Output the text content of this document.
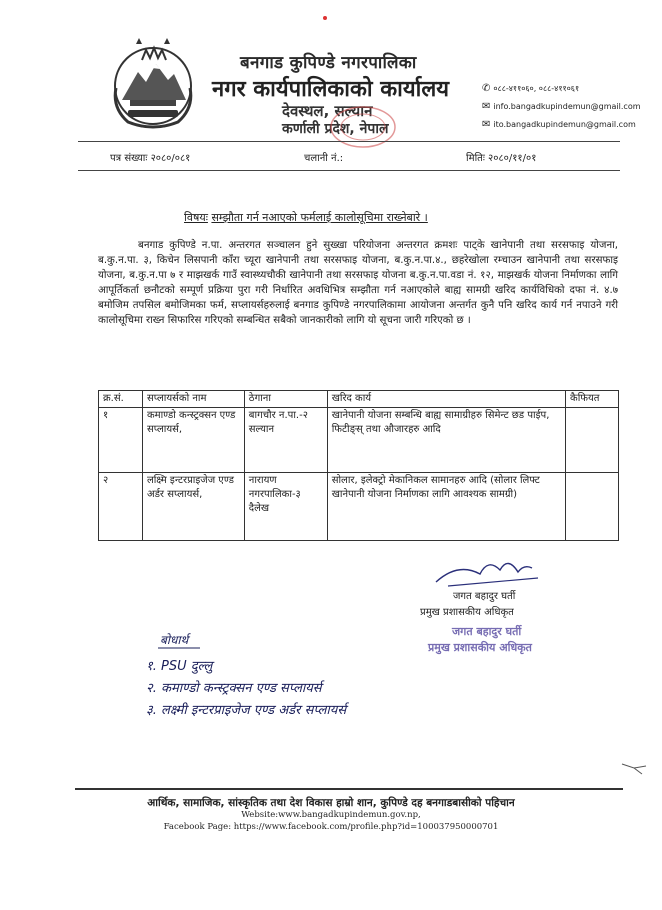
बनगाड कुपिण्डे नगरपालिका
नगर कार्यपालिकाको कार्यालय
देवस्थल, सल्यान
कर्णाली प्रदेश, नेपाल
✆ ०८८-४११०६०, ०८८-४११०६१
✉ info.bangadkupindemun@gmail.com
✉ ito.bangadkupindemun@gmail.com
पत्र संख्याः २०८०/०८१	चलानी नं.:	मितिः २०८०/११/०१
विषयः सम्झौता गर्न नआएको फर्मलाई कालोसूचिमा राख्नेबारे ।

बनगाड कुपिण्डे न.पा. अन्तरगत सञ्चालन हुने सुख्खा परियोजना अन्तरगत क्रमशः पाट्के खानेपानी तथा सरसफाइ योजना, ब.कु.न.पा. ३, किचेन लिसपानी काँरा च्यूरा खानेपानी तथा सरसफाइ योजना, ब.कु.न.पा.४., छहरेखोला रम्चाउन खानेपानी तथा सरसफाइ योजना, ब.कु.न.पा ७ र माझखर्क गाउँ स्वास्थ्यचौकी खानेपानी तथा सरसफाइ योजना ब.कु.न.पा.वडा नं. १२, माझखर्क योजना निर्माणका लागि आपूर्तिकर्ता छनौटको सम्पूर्ण प्रक्रिया पुरा गरी निर्धारित अवधिभित्र सम्झौता गर्न नआएकोले बाह्य सामग्री खरिद कार्यविधिको दफा नं. ४.७ बमोजिम तपसिल बमोजिमका फर्म, सप्लायर्सहरुलाई बनगाड कुपिण्डे नगरपालिकामा आयोजना अन्तर्गत कुनै पनि खरिद कार्य गर्न नपाउने गरी कालोसूचिमा राख्न सिफारिस गरिएको सम्बन्धित सबैको जानकारीको लागि यो सूचना जारी गरिएको छ ।

क्र.सं.	सप्लायर्सको नाम	ठेगाना	खरिद कार्य	कैफियत
१	कमाण्डो कन्स्ट्रक्सन एण्ड सप्लायर्स,	बागचौर न.पा.-२ सल्यान	खानेपानी योजना सम्बन्धि बाह्य सामाग्रीहरु सिमेन्ट छड पाईप, फिटीङ्स् तथा औजारहरु आदि	
२	लक्ष्मि इन्टरप्राइजेज एण्ड अर्डर सप्लायर्स,	नारायण नगरपालिका-३ दैलेख	सोलार, इलेक्ट्रो मेकानिकल सामानहरु आदि (सोलार लिफ्ट खानेपानी योजना निर्माणका लागि आवश्यक सामग्री)	
जगत बहादुर घर्ती
प्रमुख प्रशासकीय अधिकृत
जगत बहादुर घर्ती
प्रमुख प्रशासकीय अधिकृत
बोधार्थ
१. PSU दुल्लु
२. कमाण्डो कन्स्ट्रक्सन एण्ड सप्लायर्स
३. लक्ष्मी इन्टरप्राइजेज एण्ड अर्डर सप्लायर्स
आर्थिक, सामाजिक, सांस्कृतिक तथा देश विकास हाम्रो शान, कुपिण्डे दह बनगाडबासीको पहिचान
Website:www.bangadkupindemun.gov.np,
Facebook Page: https://www.facebook.com/profile.php?id=100037950000701
